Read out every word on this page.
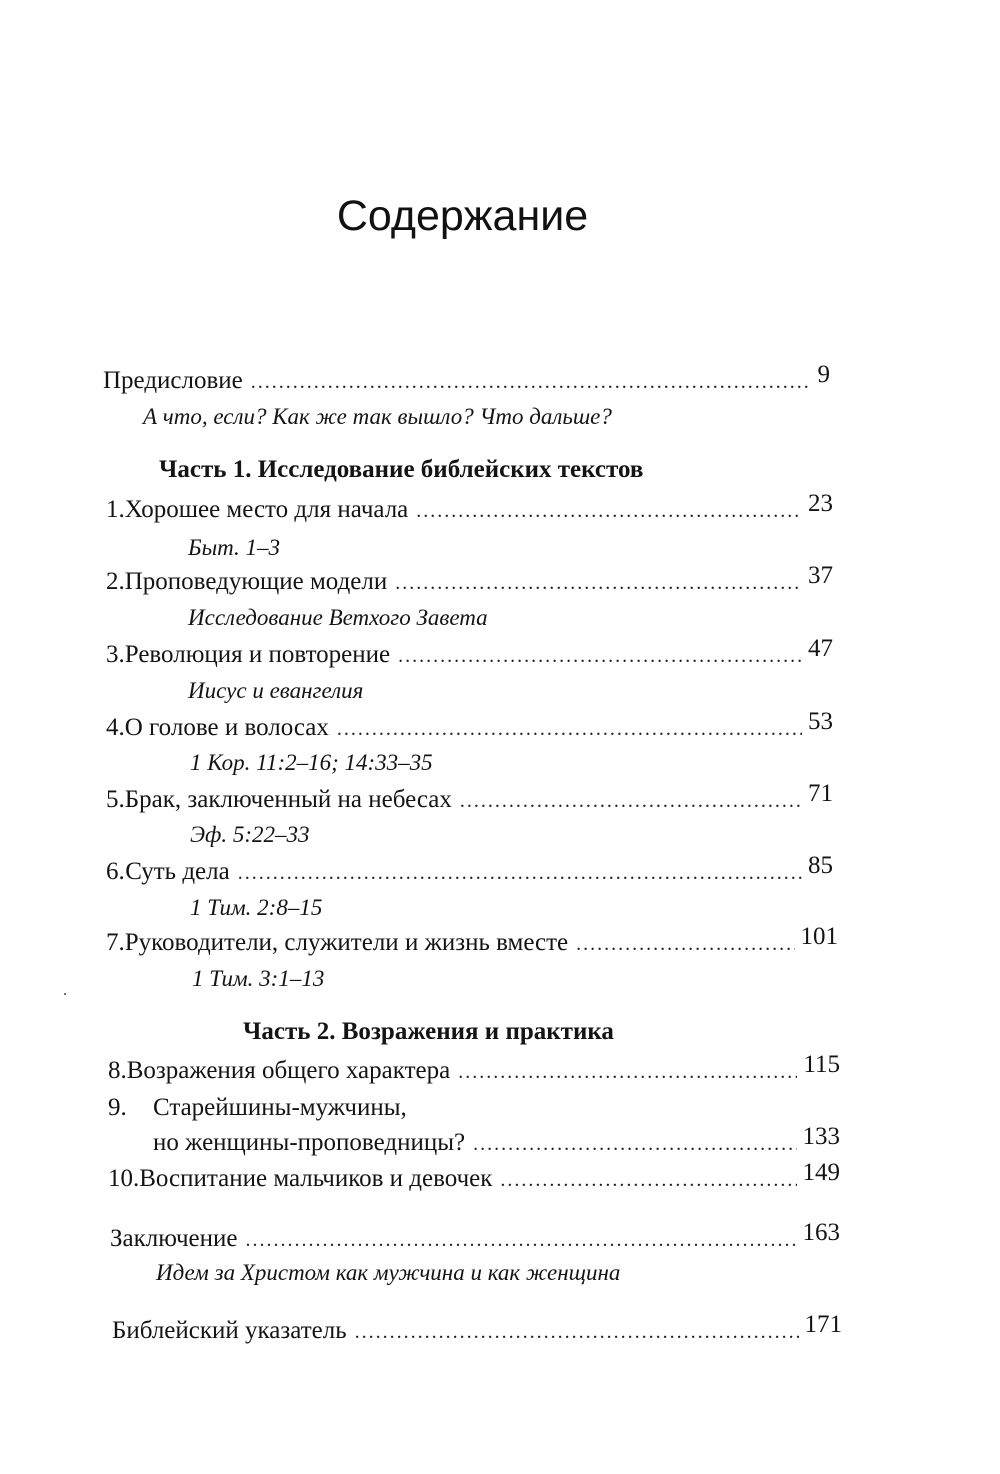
Содержание
Предисловие .....	9
А что, если? Как же так вышло? Что дальше?
Часть 1. Исследование библейских текстов
1. Хорошее место для начала .....	23
Быт. 1–3
2. Проповедующие модели .....	37
Исследование Ветхого Завета
3. Революция и повторение .....	47
Иисус и евангелия
4. О голове и волосах .....	53
1 Кор. 11:2–16; 14:33–35
5. Брак, заключенный на небесах .....	71
Эф. 5:22–33
6. Суть дела .....	85
1 Тим. 2:8–15
7. Руководители, служители и жизнь вместе .....	101
1 Тим. 3:1–13
Часть 2. Возражения и практика
8. Возражения общего характера .....	115
9. Старейшины-мужчины,
но женщины-проповедницы? .....	133
10. Воспитание мальчиков и девочек .....	149
Заключение .....	163
Идем за Христом как мужчина и как женщина
Библейский указатель .....	171
